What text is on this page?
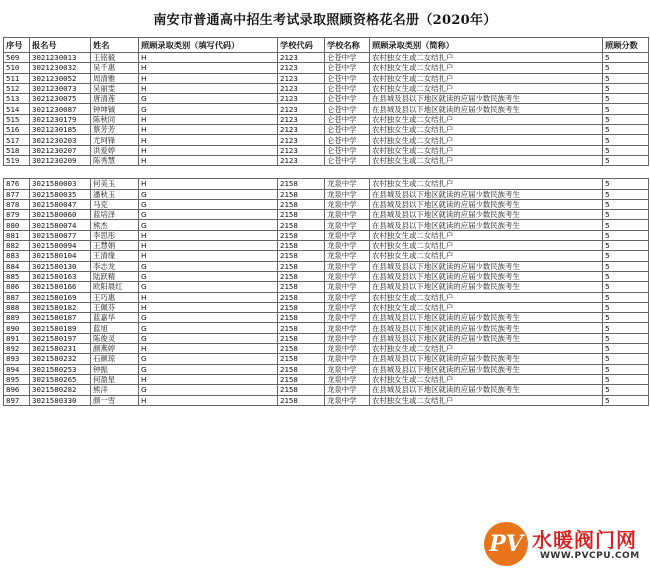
南安市普通高中招生考试录取照顾资格花名册（2020年）
序号	报名号	姓名	照顾录取类别（填写代码）	学校代码	学校名称	照顾录取类别（简称）	照顾分数
509	3021230013	王铭毅	H	2123	仑苍中学	农村独女生或二女结扎户	5
510	3021230032	吴千惠	H	2123	仑苍中学	农村独女生或二女结扎户	5
511	3021230052	周清雅	H	2123	仑苍中学	农村独女生或二女结扎户	5
512	3021230073	吴丽雯	H	2123	仑苍中学	农村独女生或二女结扎户	5
513	3021230075	唐清莲	G	2123	仑苍中学	在县城及县以下地区就读的应届少数民族考生	5
514	3021230087	钟坤铖	G	2123	仑苍中学	在县城及县以下地区就读的应届少数民族考生	5
515	3021230179	陈秋同	H	2123	仑苍中学	农村独女生或二女结扎户	5
516	3021230185	蔡芳芳	H	2123	仑苍中学	农村独女生或二女结扎户	5
517	3021230203	尤珂锋	H	2123	仑苍中学	农村独女生或二女结扎户	5
518	3021230207	洪爱婷	H	2123	仑苍中学	农村独女生或二女结扎户	5
519	3021230209	陈秀慧	H	2123	仑苍中学	农村独女生或二女结扎户	5

876	3021580003	何美玉	H	2158	龙泉中学	农村独女生或二女结扎户	5
877	3021580035	潘秋玉	G	2158	龙泉中学	在县城及县以下地区就读的应届少数民族考生	5
878	3021580047	马克	G	2158	龙泉中学	在县城及县以下地区就读的应届少数民族考生	5
879	3021580060	蓝培泽	G	2158	龙泉中学	在县城及县以下地区就读的应届少数民族考生	5
880	3021580074	熊杰	G	2158	龙泉中学	在县城及县以下地区就读的应届少数民族考生	5
881	3021580077	李思彤	H	2158	龙泉中学	农村独女生或二女结扎户	5
882	3021580094	王慧娟	H	2158	龙泉中学	农村独女生或二女结扎户	5
883	3021580104	王清缘	H	2158	龙泉中学	农村独女生或二女结扎户	5
884	3021580130	李志龙	G	2158	龙泉中学	在县城及县以下地区就读的应届少数民族考生	5
885	3021580163	陆跃精	G	2158	龙泉中学	在县城及县以下地区就读的应届少数民族考生	5
886	3021580166	欧阳晨红	G	2158	龙泉中学	在县城及县以下地区就读的应届少数民族考生	5
887	3021580169	王巧惠	H	2158	龙泉中学	农村独女生或二女结扎户	5
888	3021580182	王佩芬	H	2158	龙泉中学	农村独女生或二女结扎户	5
889	3021580187	蓝嘉华	G	2158	龙泉中学	在县城及县以下地区就读的应届少数民族考生	5
890	3021580189	蓝旭	G	2158	龙泉中学	在县城及县以下地区就读的应届少数民族考生	5
891	3021580197	陈俊灵	G	2158	龙泉中学	在县城及县以下地区就读的应届少数民族考生	5
892	3021580231	颜燕婷	H	2158	龙泉中学	农村独女生或二女结扎户	5
893	3021580232	石颜琼	G	2158	龙泉中学	在县城及县以下地区就读的应届少数民族考生	5
894	3021580253	钟振	G	2158	龙泉中学	在县城及县以下地区就读的应届少数民族考生	5
895	3021580265	何盈星	H	2158	龙泉中学	农村独女生或二女结扎户	5
896	3021580282	熊洋	G	2158	龙泉中学	在县城及县以下地区就读的应届少数民族考生	5
897	3021580330	颜一雪	H	2158	龙泉中学	农村独女生或二女结扎户	5
PV 水暖阀门网
WWW.PVCPU.COM
